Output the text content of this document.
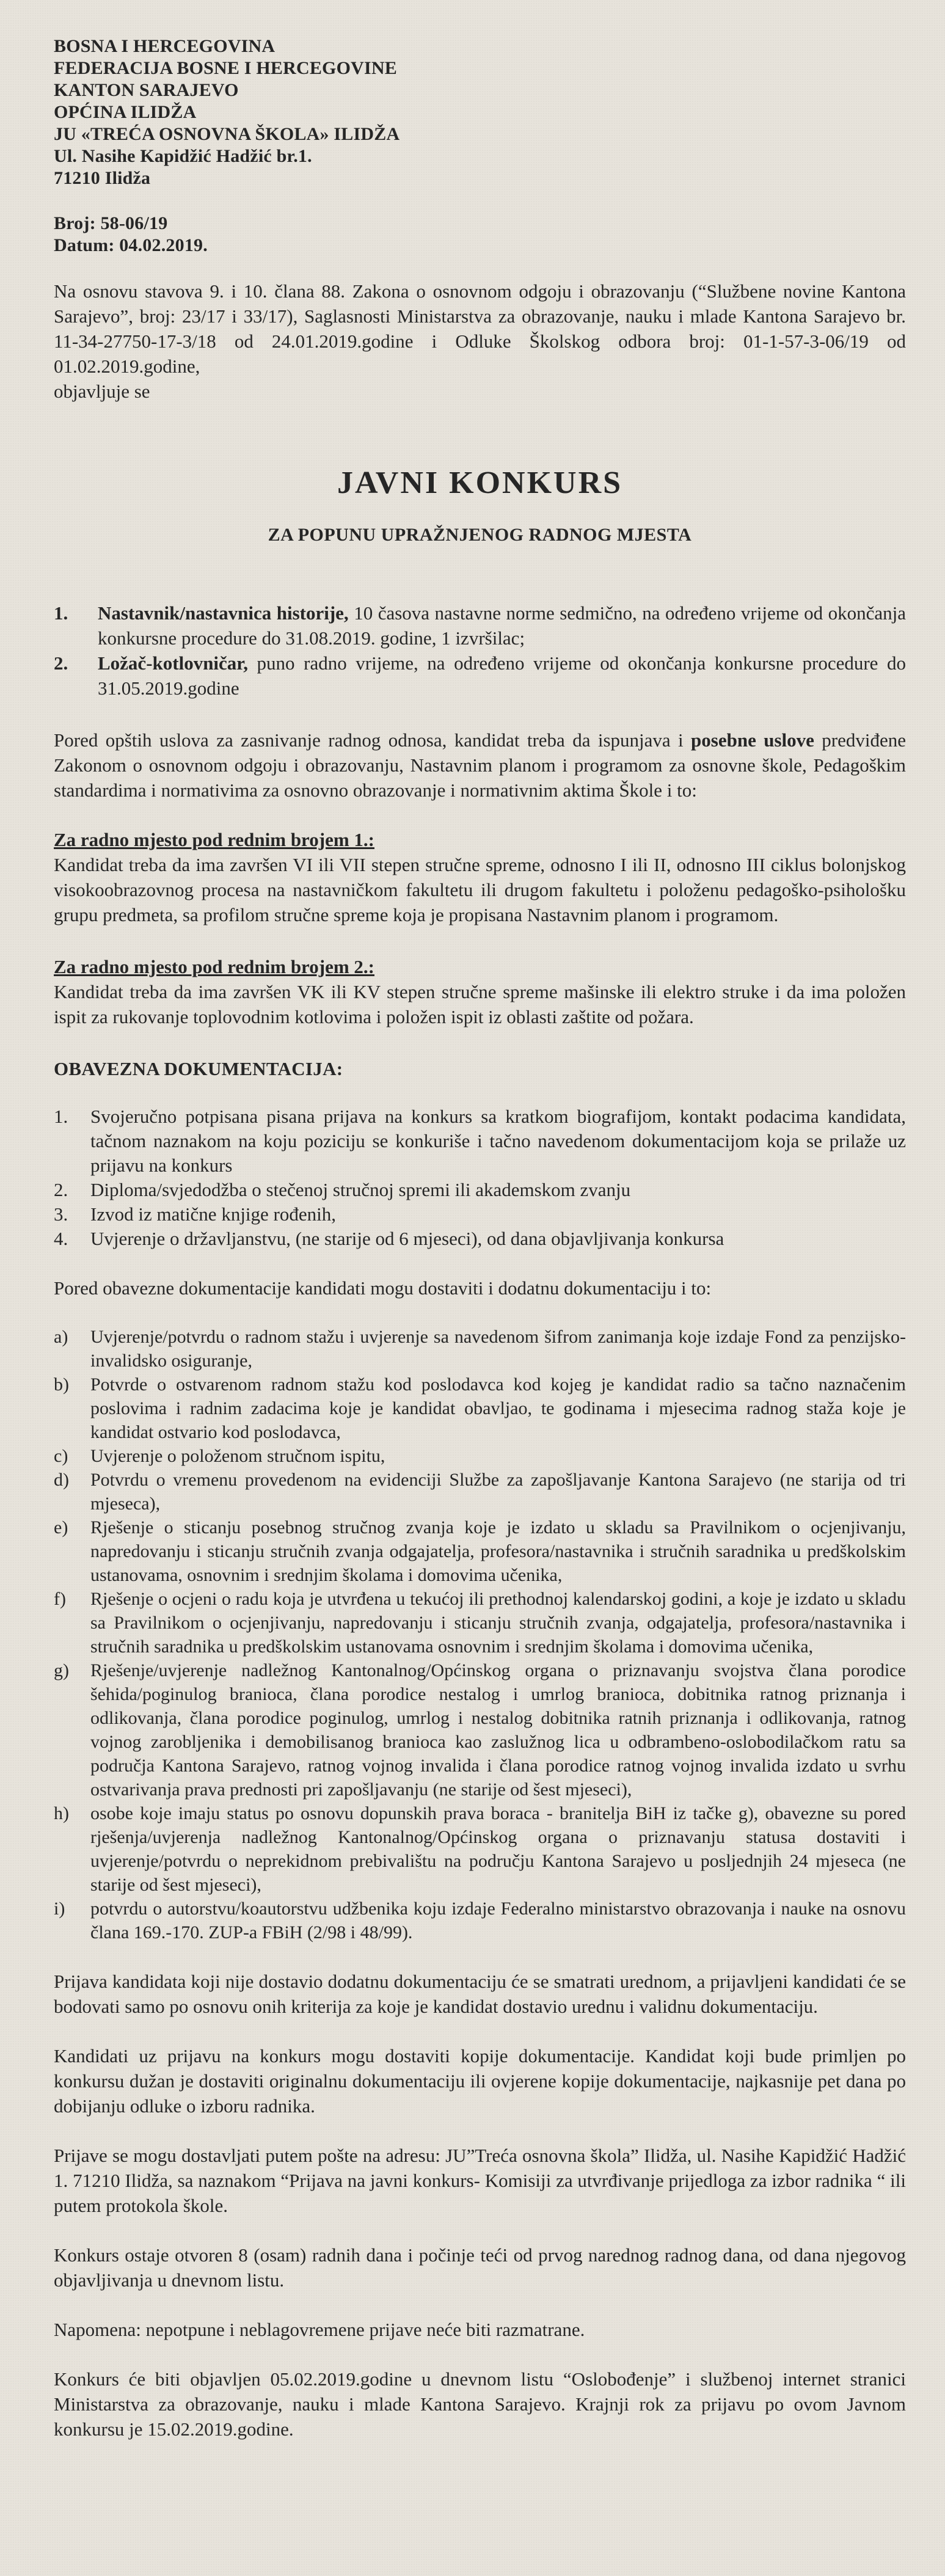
BOSNA I HERCEGOVINA

FEDERACIJA BOSNE I HERCEGOVINE

KANTON SARAJEVO

OPĆINA ILIDŽA

JU «TREĆA OSNOVNA ŠKOLA» ILIDŽA

Ul. Nasihe Kapidžić Hadžić br.1.

71210 Ilidža

Broj: 58-06/19

Datum: 04.02.2019.

Na osnovu stavova 9. i 10. člana 88. Zakona o osnovnom odgoju i obrazovanju (“Službene novine Kantona Sarajevo”, broj: 23/17 i 33/17), Saglasnosti Ministarstva za obrazovanje, nauku i mlade Kantona Sarajevo br. 11-34-27750-17-3/18 od 24.01.2019.godine i Odluke Školskog odbora broj: 01-1-57-3-06/19 od 01.02.2019.godine,

objavljuje se

JAVNI KONKURS
ZA POPUNU UPRAŽNJENOG RADNOG MJESTA
1.	Nastavnik/nastavnica historije, 10 časova nastavne norme sedmično, na određeno vrijeme od okončanja konkursne procedure do 31.08.2019. godine, 1 izvršilac;
2.	Ložač-kotlovničar, puno radno vrijeme, na određeno vrijeme od okončanja konkursne procedure do 31.05.2019.godine

Pored opštih uslova za zasnivanje radnog odnosa, kandidat treba da ispunjava i posebne uslove predviđene Zakonom o osnovnom odgoju i obrazovanju, Nastavnim planom i programom za osnovne škole, Pedagoškim standardima i normativima za osnovno obrazovanje i normativnim aktima Škole i to:

Za radno mjesto pod rednim brojem 1.:

Kandidat treba da ima završen VI ili VII stepen stručne spreme, odnosno I ili II, odnosno III ciklus bolonjskog visokoobrazovnog procesa na nastavničkom fakultetu ili drugom fakultetu i položenu pedagoško-psihološku grupu predmeta, sa profilom stručne spreme koja je propisana Nastavnim planom i programom.

Za radno mjesto pod rednim brojem 2.:

Kandidat treba da ima završen VK ili KV stepen stručne spreme mašinske ili elektro struke i da ima položen ispit za rukovanje toplovodnim kotlovima i položen ispit iz oblasti zaštite od požara.

OBAVEZNA DOKUMENTACIJA:

1.	Svojeručno potpisana pisana prijava na konkurs sa kratkom biografijom, kontakt podacima kandidata, tačnom naznakom na koju poziciju se konkuriše i tačno navedenom dokumentacijom koja se prilaže uz prijavu na konkurs
2.	Diploma/svjedodžba o stečenoj stručnoj spremi ili akademskom zvanju
3.	Izvod iz matične knjige rođenih,
4.	Uvjerenje o državljanstvu, (ne starije od 6 mjeseci), od dana objavljivanja konkursa

Pored obavezne dokumentacije kandidati mogu dostaviti i dodatnu dokumentaciju i to:

a)	Uvjerenje/potvrdu o radnom stažu i uvjerenje sa navedenom šifrom zanimanja koje izdaje Fond za penzijsko-invalidsko osiguranje,
b)	Potvrde o ostvarenom radnom stažu kod poslodavca kod kojeg je kandidat radio sa tačno naznačenim poslovima i radnim zadacima koje je kandidat obavljao, te godinama i mjesecima radnog staža koje je kandidat ostvario kod poslodavca,
c)	Uvjerenje o položenom stručnom ispitu,
d)	Potvrdu o vremenu provedenom na evidenciji Službe za zapošljavanje Kantona Sarajevo (ne starija od tri mjeseca),
e)	Rješenje o sticanju posebnog stručnog zvanja koje je izdato u skladu sa Pravilnikom o ocjenjivanju, napredovanju i sticanju stručnih zvanja odgajatelja, profesora/nastavnika i stručnih saradnika u predškolskim ustanovama, osnovnim i srednjim školama i domovima učenika,
f)	Rješenje o ocjeni o radu koja je utvrđena u tekućoj ili prethodnoj kalendarskoj godini, a koje je izdato u skladu sa Pravilnikom o ocjenjivanju, napredovanju i sticanju stručnih zvanja, odgajatelja, profesora/nastavnika i stručnih saradnika u predškolskim ustanovama osnovnim i srednjim školama i domovima učenika,
g)	Rješenje/uvjerenje nadležnog Kantonalnog/Općinskog organa o priznavanju svojstva člana porodice šehida/poginulog branioca, člana porodice nestalog i umrlog branioca, dobitnika ratnog priznanja i odlikovanja, člana porodice poginulog, umrlog i nestalog dobitnika ratnih priznanja i odlikovanja, ratnog vojnog zarobljenika i demobilisanog branioca kao zaslužnog lica u odbrambeno-oslobodilačkom ratu sa područja Kantona Sarajevo, ratnog vojnog invalida i člana porodice ratnog vojnog invalida izdato u svrhu ostvarivanja prava prednosti pri zapošljavanju (ne starije od šest mjeseci),
h)	osobe koje imaju status po osnovu dopunskih prava boraca - branitelja BiH iz tačke g), obavezne su pored rješenja/uvjerenja nadležnog Kantonalnog/Općinskog organa o priznavanju statusa dostaviti i uvjerenje/potvrdu o neprekidnom prebivalištu na području Kantona Sarajevo u posljednjih 24 mjeseca (ne starije od šest mjeseci),
i)	potvrdu o autorstvu/koautorstvu udžbenika koju izdaje Federalno ministarstvo obrazovanja i nauke na osnovu člana 169.-170. ZUP-a FBiH (2/98 i 48/99).

Prijava kandidata koji nije dostavio dodatnu dokumentaciju će se smatrati urednom, a prijavljeni kandidati će se bodovati samo po osnovu onih kriterija za koje je kandidat dostavio urednu i validnu dokumentaciju.

Kandidati uz prijavu na konkurs mogu dostaviti kopije dokumentacije. Kandidat koji bude primljen po konkursu dužan je dostaviti originalnu dokumentaciju ili ovjerene kopije dokumentacije, najkasnije pet dana po dobijanju odluke o izboru radnika.

Prijave se mogu dostavljati putem pošte na adresu: JU”Treća osnovna škola” Ilidža, ul. Nasihe Kapidžić Hadžić 1. 71210 Ilidža, sa naznakom “Prijava na javni konkurs- Komisiji za utvrđivanje prijedloga za izbor radnika “ ili putem protokola škole.

Konkurs ostaje otvoren 8 (osam) radnih dana i počinje teći od prvog narednog radnog dana, od dana njegovog objavljivanja u dnevnom listu.

Napomena: nepotpune i neblagovremene prijave neće biti razmatrane.

Konkurs će biti objavljen 05.02.2019.godine u dnevnom listu “Oslobođenje” i službenoj internet stranici Ministarstva za obrazovanje, nauku i mlade Kantona Sarajevo. Krajnji rok za prijavu po ovom Javnom konkursu je 15.02.2019.godine.
